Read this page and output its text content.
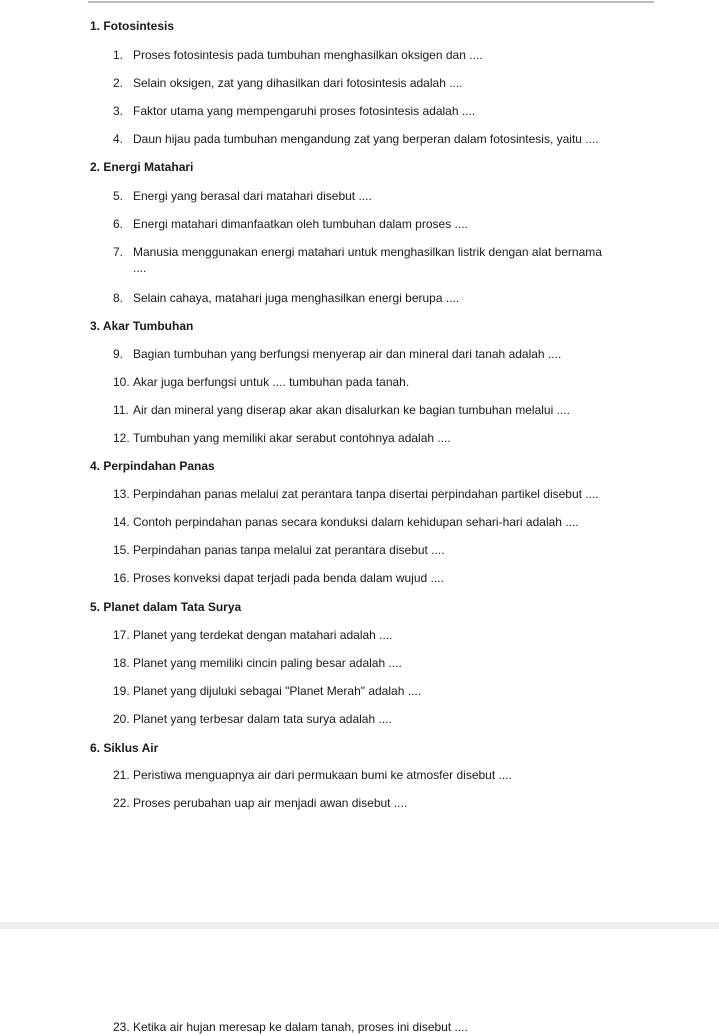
1. Fotosintesis
1. Proses fotosintesis pada tumbuhan menghasilkan oksigen dan ....
2. Selain oksigen, zat yang dihasilkan dari fotosintesis adalah ....
3. Faktor utama yang mempengaruhi proses fotosintesis adalah ....
4. Daun hijau pada tumbuhan mengandung zat yang berperan dalam fotosintesis, yaitu ....
2. Energi Matahari
5. Energi yang berasal dari matahari disebut ....
6. Energi matahari dimanfaatkan oleh tumbuhan dalam proses ....
7. Manusia menggunakan energi matahari untuk menghasilkan listrik dengan alat bernama
....
8. Selain cahaya, matahari juga menghasilkan energi berupa ....
3. Akar Tumbuhan
9. Bagian tumbuhan yang berfungsi menyerap air dan mineral dari tanah adalah ....
10. Akar juga berfungsi untuk .... tumbuhan pada tanah.
11. Air dan mineral yang diserap akar akan disalurkan ke bagian tumbuhan melalui ....
12. Tumbuhan yang memiliki akar serabut contohnya adalah ....
4. Perpindahan Panas
13. Perpindahan panas melalui zat perantara tanpa disertai perpindahan partikel disebut ....
14. Contoh perpindahan panas secara konduksi dalam kehidupan sehari-hari adalah ....
15. Perpindahan panas tanpa melalui zat perantara disebut ....
16. Proses konveksi dapat terjadi pada benda dalam wujud ....
5. Planet dalam Tata Surya
17. Planet yang terdekat dengan matahari adalah ....
18. Planet yang memiliki cincin paling besar adalah ....
19. Planet yang dijuluki sebagai "Planet Merah" adalah ....
20. Planet yang terbesar dalam tata surya adalah ....
6. Siklus Air
21. Peristiwa menguapnya air dari permukaan bumi ke atmosfer disebut ....
22. Proses perubahan uap air menjadi awan disebut ....
23. Ketika air hujan meresap ke dalam tanah, proses ini disebut ....
